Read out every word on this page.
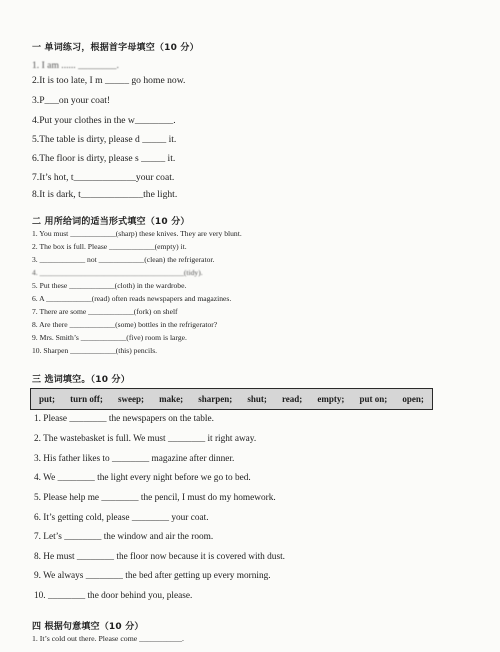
一 单词练习，根据首字母填空（10 分）
1. I am ...... ________.
2.It is too late, I m _____ go home now.
3.P___on your coat!
4.Put your clothes in the w________.
5.The table is dirty, please d _____ it.
6.The floor is dirty, please s _____ it.
7.It’s hot, t_____________your coat.
8.It is dark, t_____________the light.
二 用所给词的适当形式填空（10 分）
1. You must ____________(sharp) these knives. They are very blunt.
2. The box is full. Please ____________(empty) it.
3. ____________ not ____________(clean) the refrigerator.
4. ______________________________________(tidy).
5. Put these ____________(cloth) in the wardrobe.
6. A ____________(read) often reads newspapers and magazines.
7. There are some ____________(fork) on shelf
8. Are there ____________(some) bottles in the refrigerator?
9. Mrs. Smith’s ____________(five) room is large.
10. Sharpen ____________(this) pencils.
三 选词填空。（10 分）
put; turn off; sweep; make; sharpen; shut; read; empty; put on; open;
1. Please ________ the newspapers on the table.
2. The wastebasket is full. We must ________ it right away.
3. His father likes to ________ magazine after dinner.
4. We ________ the light every night before we go to bed.
5. Please help me ________ the pencil, I must do my homework.
6. It’s getting cold, please ________ your coat.
7. Let’s ________ the window and air the room.
8. He must ________ the floor now because it is covered with dust.
9. We always ________ the bed after getting up every morning.
10. ________ the door behind you, please.
四 根据句意填空（10 分）
1. It’s cold out there. Please come ___________.
